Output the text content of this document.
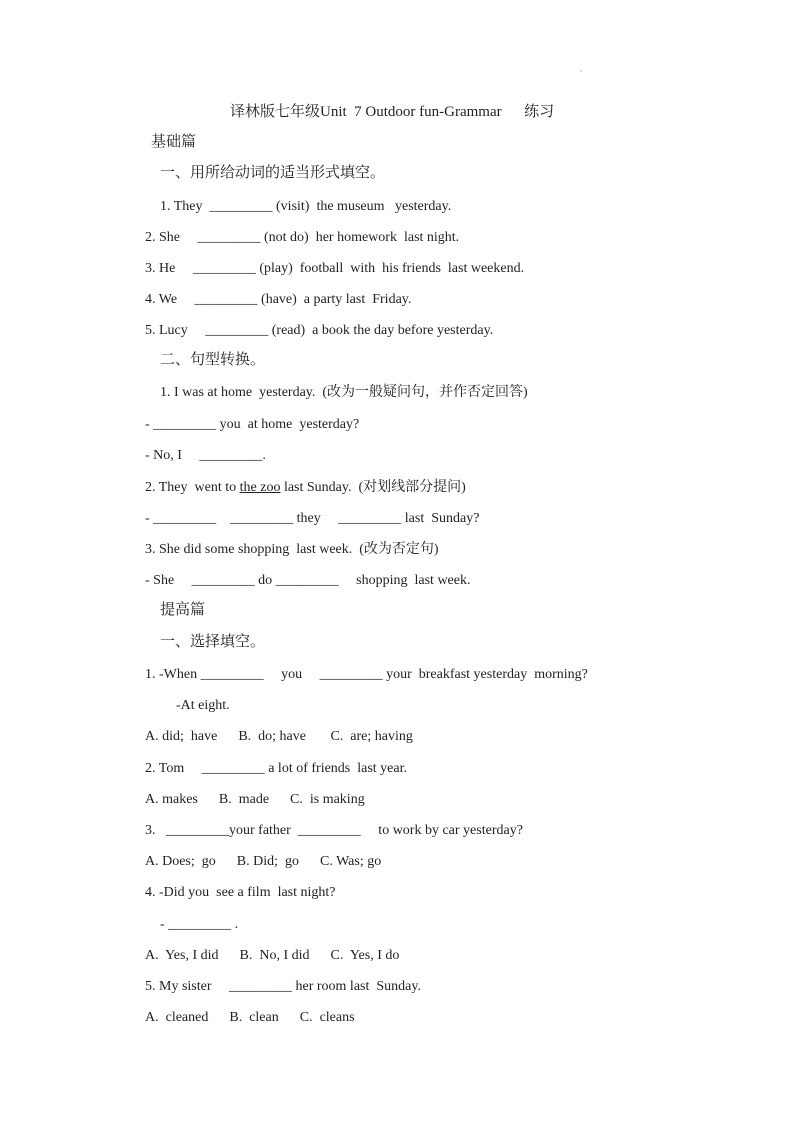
译林版七年级Unit  7 Outdoor fun-Grammar      练习
基础篇
一、用所给动词的适当形式填空。
1. They  _________ (visit)  the museum   yesterday.
2. She     _________ (not do)  her homework  last night.
3. He     _________ (play)  football  with  his friends  last weekend.
4. We     _________ (have)  a party last  Friday.
5. Lucy     _________ (read)  a book the day before yesterday.
二、句型转换。
1. I was at home  yesterday.  (改为一般疑问句，并作否定回答)
- _________ you  at home  yesterday?
- No, I     _________.
2. They  went to the zoo last Sunday.  (对划线部分提问)
- _________    _________ they     _________ last  Sunday?
3. She did some shopping  last week.  (改为否定句)
- She     _________ do _________     shopping  last week.
提高篇
一、选择填空。
1. -When _________     you     _________ your  breakfast yesterday  morning?
-At eight.
A. did;  have      B.  do; have       C.  are; having
2. Tom     _________ a lot of friends  last year.
A. makes      B.  made      C.  is making
3.   _________your father  _________     to work by car yesterday?
A. Does;  go      B. Did;  go      C. Was; go
4. -Did you  see a film  last night?
- _________ .
A.  Yes, I did      B.  No, I did      C.  Yes, I do
5. My sister     _________ her room last  Sunday.
A.  cleaned      B.  clean      C.  cleans
